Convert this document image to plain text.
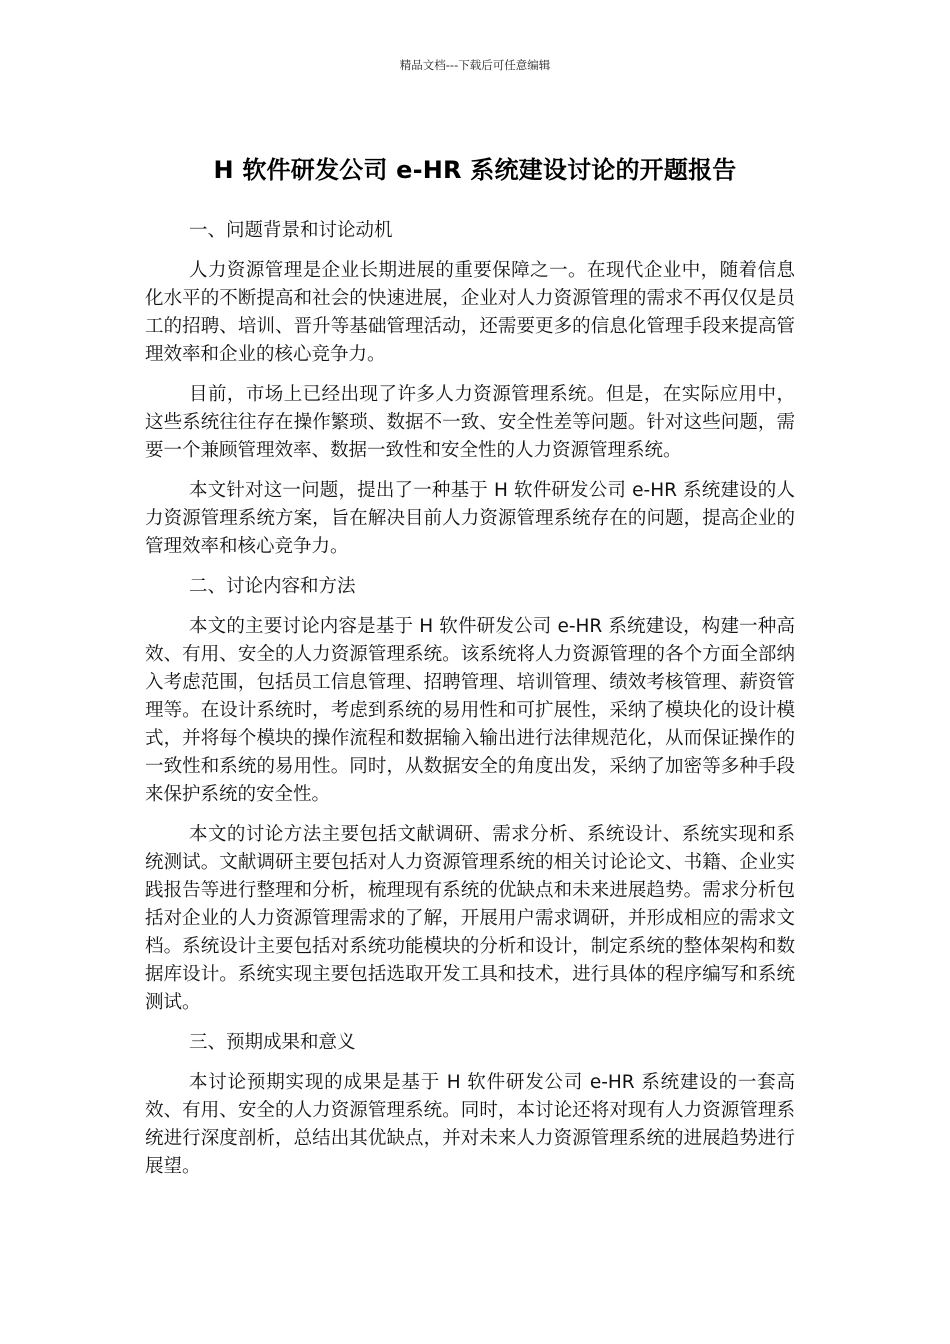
精品文档---下载后可任意编辑
H 软件研发公司 e-HR 系统建设讨论的开题报告
一、问题背景和讨论动机

人力资源管理是企业长期进展的重要保障之一。在现代企业中，随着信息化水平的不断提高和社会的快速进展，企业对人力资源管理的需求不再仅仅是员工的招聘、培训、晋升等基础管理活动，还需要更多的信息化管理手段来提高管理效率和企业的核心竞争力。

目前，市场上已经出现了许多人力资源管理系统。但是，在实际应用中，这些系统往往存在操作繁琐、数据不一致、安全性差等问题。针对这些问题，需要一个兼顾管理效率、数据一致性和安全性的人力资源管理系统。

本文针对这一问题，提出了一种基于 H 软件研发公司 e-HR 系统建设的人力资源管理系统方案，旨在解决目前人力资源管理系统存在的问题，提高企业的管理效率和核心竞争力。

二、讨论内容和方法

本文的主要讨论内容是基于 H 软件研发公司 e-HR 系统建设，构建一种高效、有用、安全的人力资源管理系统。该系统将人力资源管理的各个方面全部纳入考虑范围，包括员工信息管理、招聘管理、培训管理、绩效考核管理、薪资管理等。在设计系统时，考虑到系统的易用性和可扩展性，采纳了模块化的设计模式，并将每个模块的操作流程和数据输入输出进行法律规范化，从而保证操作的一致性和系统的易用性。同时，从数据安全的角度出发，采纳了加密等多种手段来保护系统的安全性。

本文的讨论方法主要包括文献调研、需求分析、系统设计、系统实现和系统测试。文献调研主要包括对人力资源管理系统的相关讨论论文、书籍、企业实践报告等进行整理和分析，梳理现有系统的优缺点和未来进展趋势。需求分析包括对企业的人力资源管理需求的了解，开展用户需求调研，并形成相应的需求文档。系统设计主要包括对系统功能模块的分析和设计，制定系统的整体架构和数据库设计。系统实现主要包括选取开发工具和技术，进行具体的程序编写和系统测试。

三、预期成果和意义

本讨论预期实现的成果是基于 H 软件研发公司 e-HR 系统建设的一套高效、有用、安全的人力资源管理系统。同时，本讨论还将对现有人力资源管理系统进行深度剖析，总结出其优缺点，并对未来人力资源管理系统的进展趋势进行展望。
